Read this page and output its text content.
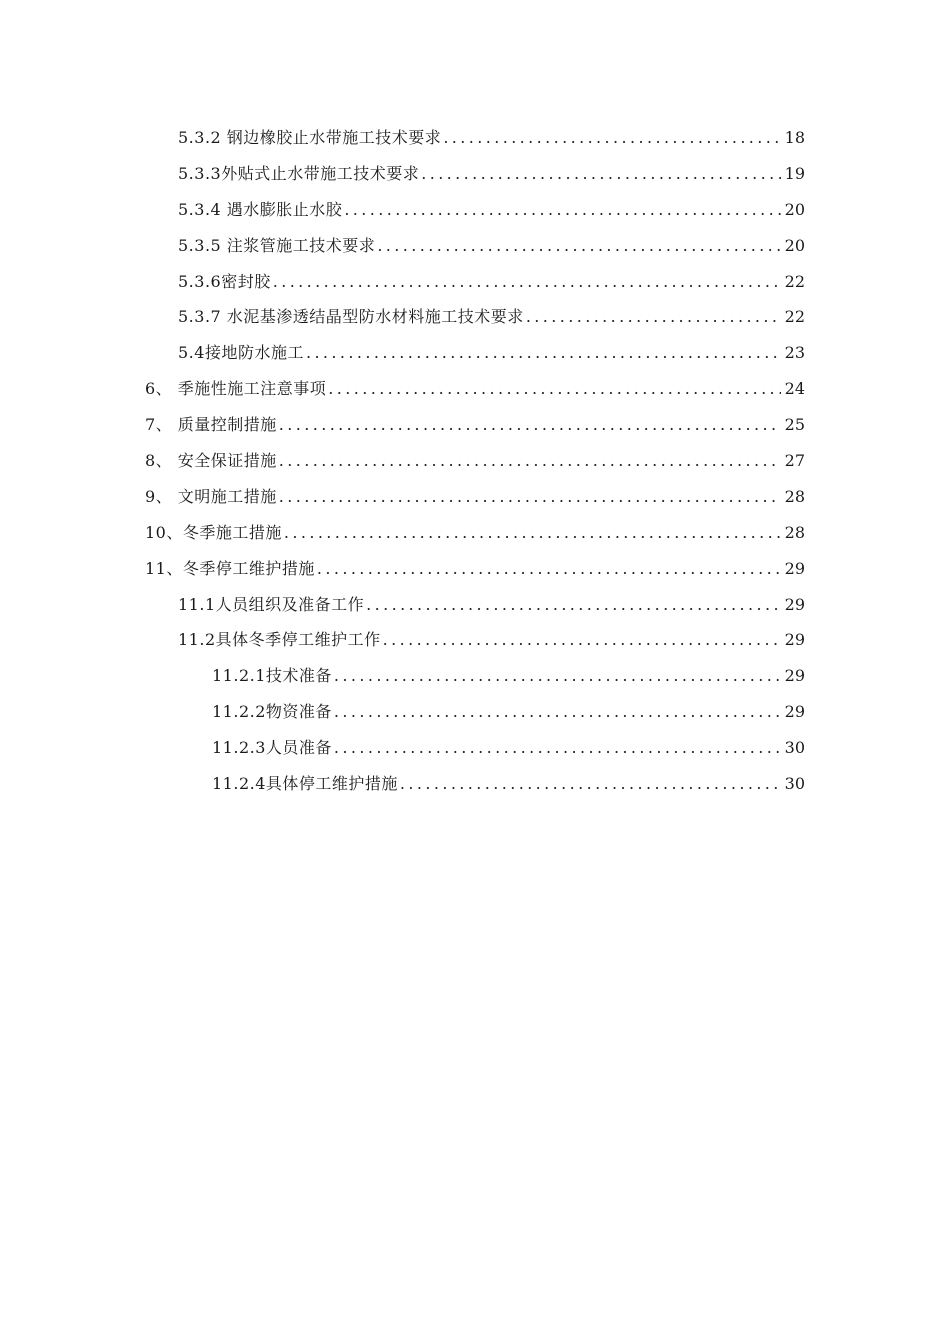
5.3.2 钢边橡胶止水带施工技术要求 .....	18
5.3.3外贴式止水带施工技术要求 .....	19
5.3.4 遇水膨胀止水胶 .....	20
5.3.5 注浆管施工技术要求 .....	20
5.3.6密封胶 .....	22
5.3.7 水泥基渗透结晶型防水材料施工技术要求 .....	22
5.4接地防水施工 .....	23
6、 季施性施工注意事项 .....	24
7、 质量控制措施 .....	25
8、 安全保证措施 .....	27
9、 文明施工措施 .....	28
10、冬季施工措施 .....	28
11、冬季停工维护措施 .....	29
11.1人员组织及准备工作 .....	29
11.2具体冬季停工维护工作 .....	29
11.2.1技术准备 .....	29
11.2.2物资准备 .....	29
11.2.3人员准备 .....	30
11.2.4具体停工维护措施 .....	30
